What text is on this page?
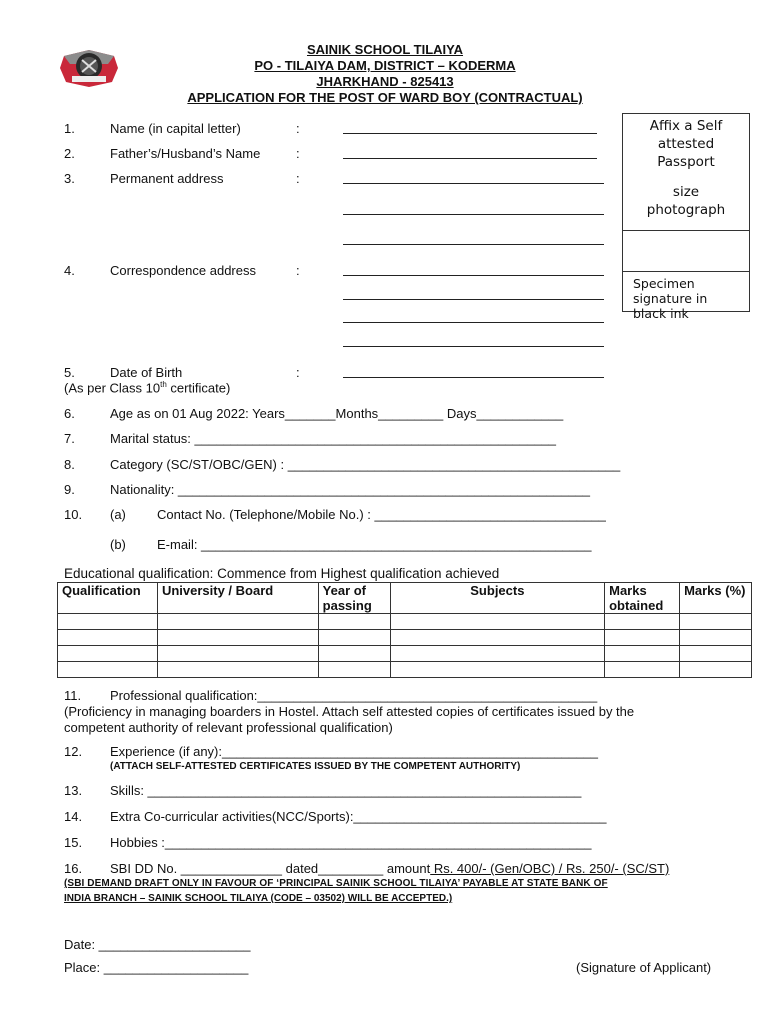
SAINIK SCHOOL TILAIYA
PO - TILAIYA DAM, DISTRICT – KODERMA
JHARKHAND - 825413
APPLICATION FOR THE POST OF WARD BOY (CONTRACTUAL)
Affix a Self
attested
Passport
size
photograph
Specimen signature in black ink
1.	Name (in capital letter)	:
2.	Father’s/Husband’s Name	:
3.	Permanent address	:
4.	Correspondence address	:
5.	Date of Birth	:
(As per Class 10th certificate)
6.	Age as on 01 Aug 2022: Years_______Months_________ Days____________
7.	Marital status: __________________________________________________
8.	Category (SC/ST/OBC/GEN) : ______________________________________________
9.	Nationality: _________________________________________________________
10. (a) Contact No. (Telephone/Mobile No.) : ________________________________
(b) E-mail: ______________________________________________________
Educational qualification: Commence from Highest qualification achieved
Qualification	University / Board	Year of passing	Subjects	Marks obtained	Marks (%)

11. Professional qualification:_______________________________________________
(Proficiency in managing boarders in Hostel. Attach self attested copies of certificates issued by the
competent authority of relevant professional qualification)
12. Experience (if any):____________________________________________________
(ATTACH SELF-ATTESTED CERTIFICATES ISSUED BY THE COMPETENT AUTHORITY)
13. Skills: ____________________________________________________________
14. Extra Co-curricular activities(NCC/Sports):___________________________________
15. Hobbies :___________________________________________________________
16. SBI DD No. ______________ dated_________ amount Rs. 400/- (Gen/OBC) / Rs. 250/- (SC/ST)
(SBI DEMAND DRAFT ONLY IN FAVOUR OF ‘PRINCIPAL SAINIK SCHOOL TILAIYA’ PAYABLE AT STATE BANK OF
INDIA BRANCH – SAINIK SCHOOL TILAIYA (CODE – 03502) WILL BE ACCEPTED.)
Date: _____________________
Place: ____________________	(Signature of Applicant)
